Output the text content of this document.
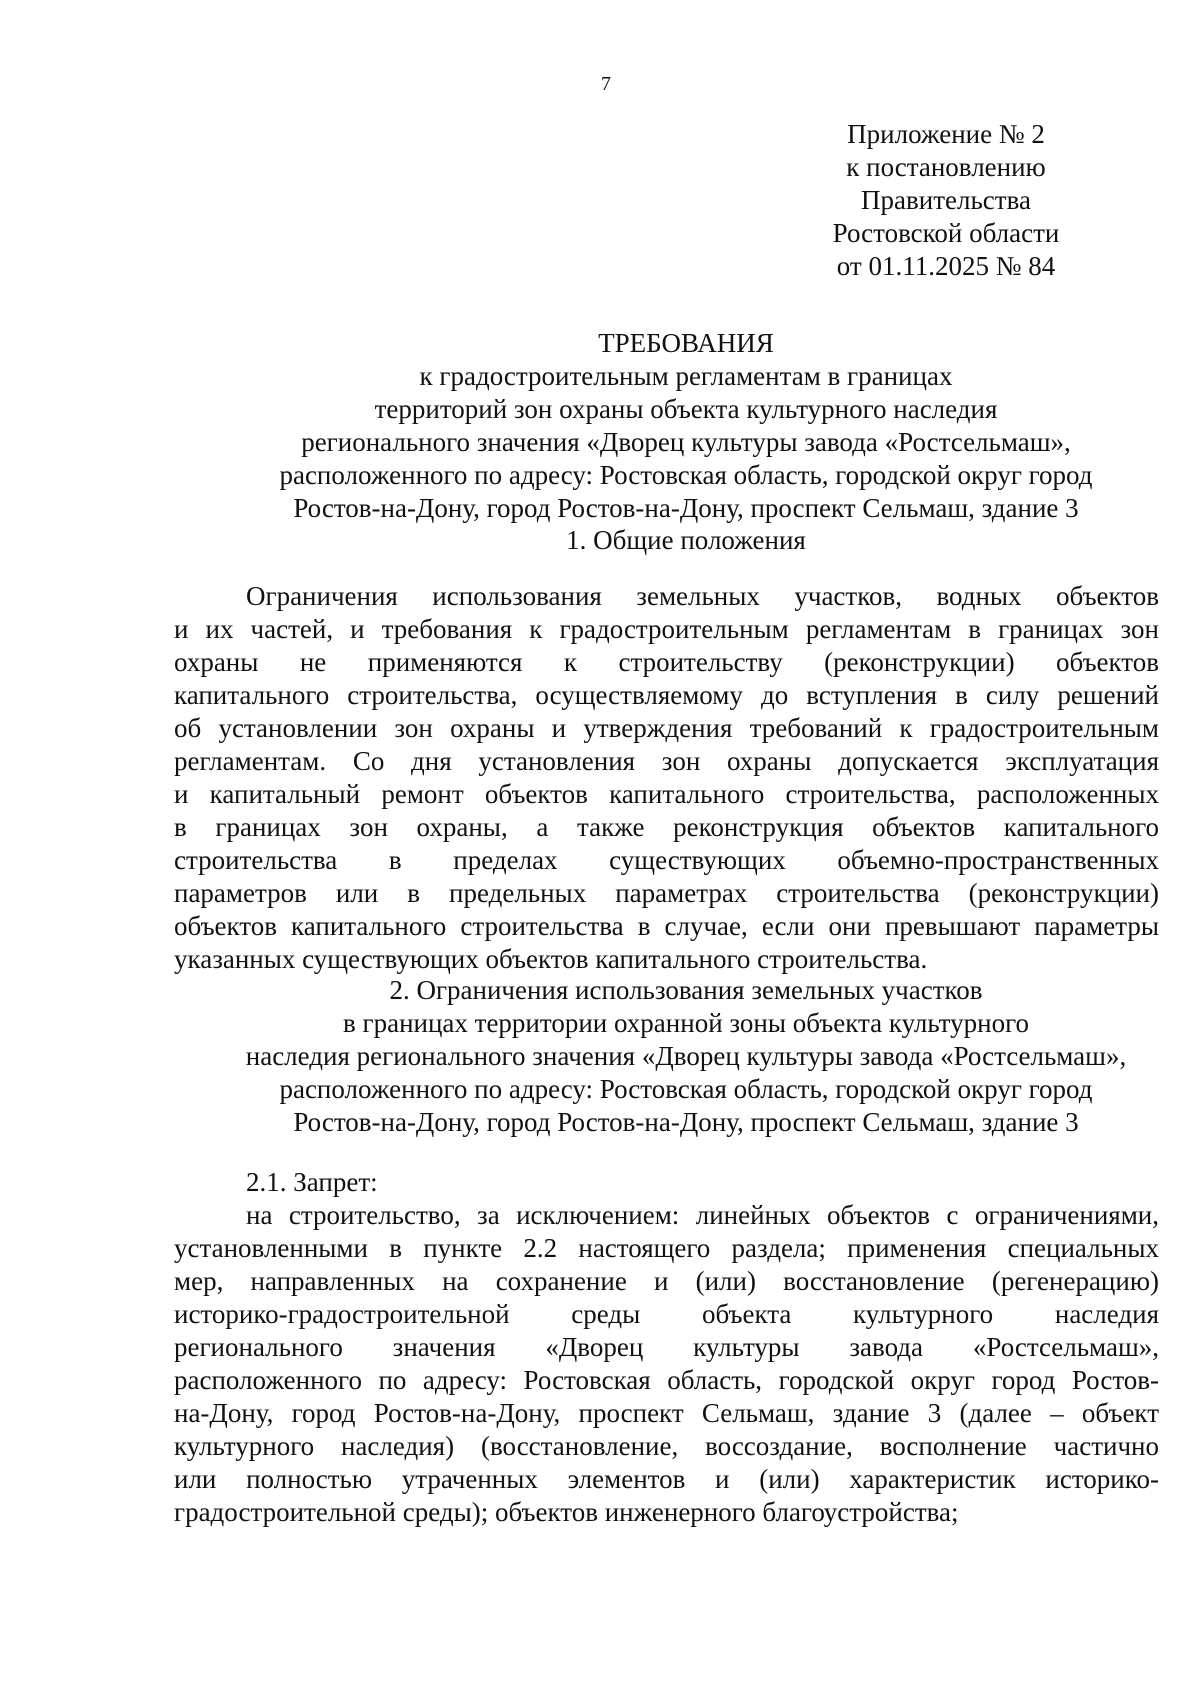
7
Приложение № 2
к постановлению
Правительства
Ростовской области
от 01.11.2025 № 84
ТРЕБОВАНИЯ
к градостроительным регламентам в границах
территорий зон охраны объекта культурного наследия
регионального значения «Дворец культуры завода «Ростсельмаш»,
расположенного по адресу: Ростовская область, городской округ город
Ростов-на-Дону, город Ростов-на-Дону, проспект Сельмаш, здание 3
1. Общие положения
Ограничения использования земельных участков, водных объектов
и их частей, и требования к градостроительным регламентам в границах зон
охраны не применяются к строительству (реконструкции) объектов
капитального строительства, осуществляемому до вступления в силу решений
об установлении зон охраны и утверждения требований к градостроительным
регламентам. Со дня установления зон охраны допускается эксплуатация
и капитальный ремонт объектов капитального строительства, расположенных
в границах зон охраны, а также реконструкция объектов капитального
строительства в пределах существующих объемно-пространственных
параметров или в предельных параметрах строительства (реконструкции)
объектов капитального строительства в случае, если они превышают параметры
указанных существующих объектов капитального строительства.
2. Ограничения использования земельных участков
в границах территории охранной зоны объекта культурного
наследия регионального значения «Дворец культуры завода «Ростсельмаш»,
расположенного по адресу: Ростовская область, городской округ город
Ростов-на-Дону, город Ростов-на-Дону, проспект Сельмаш, здание 3
2.1. Запрет:
на строительство, за исключением: линейных объектов с ограничениями,
установленными в пункте 2.2 настоящего раздела; применения специальных
мер, направленных на сохранение и (или) восстановление (регенерацию)
историко-градостроительной среды объекта культурного наследия
регионального значения «Дворец культуры завода «Ростсельмаш»,
расположенного по адресу: Ростовская область, городской округ город Ростов-
на-Дону, город Ростов-на-Дону, проспект Сельмаш, здание 3 (далее – объект
культурного наследия) (восстановление, воссоздание, восполнение частично
или полностью утраченных элементов и (или) характеристик историко-
градостроительной среды); объектов инженерного благоустройства;
